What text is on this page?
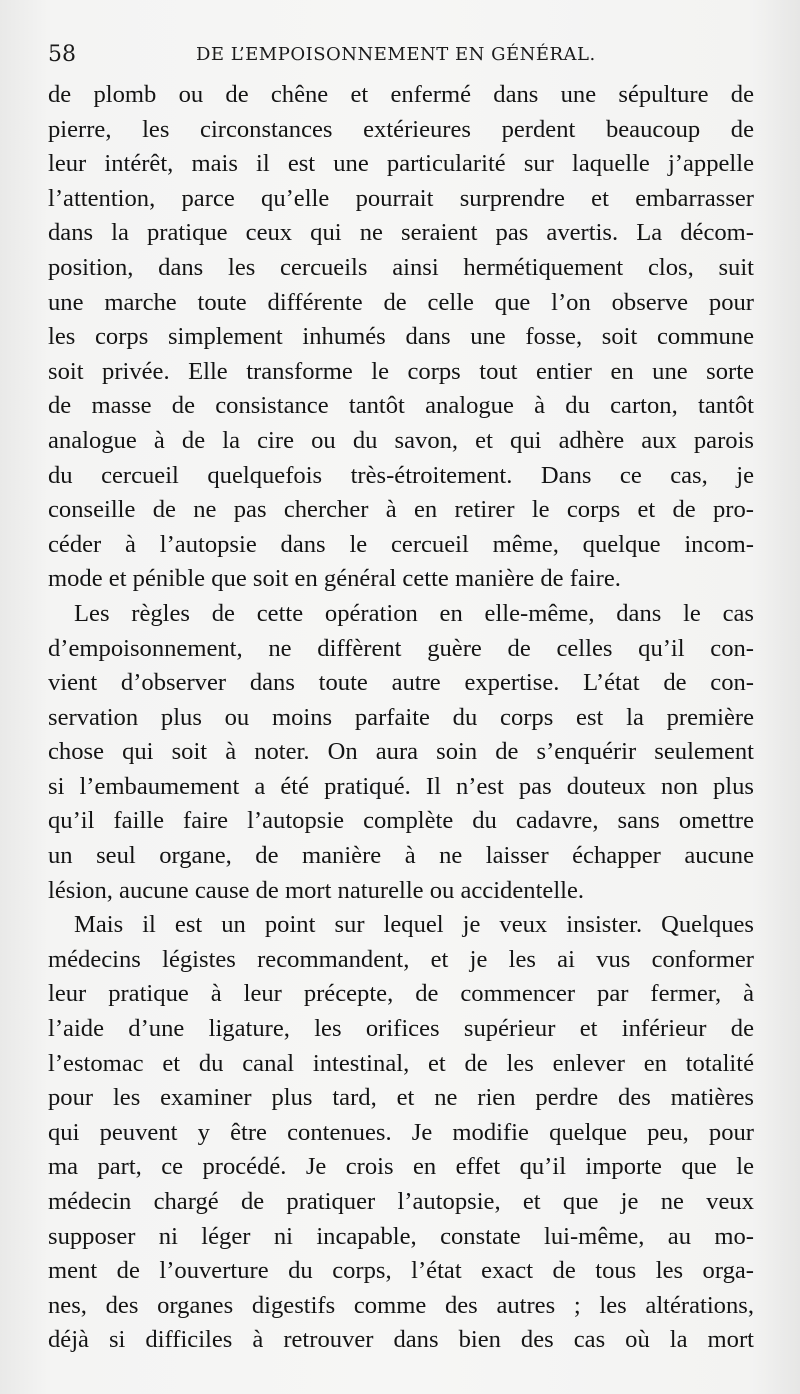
58	DE L’EMPOISONNEMENT EN GÉNÉRAL.
de plomb ou de chêne et enfermé dans une sépulture de
pierre, les circonstances extérieures perdent beaucoup de
leur intérêt, mais il est une particularité sur laquelle j’appelle
l’attention, parce qu’elle pourrait surprendre et embarrasser
dans la pratique ceux qui ne seraient pas avertis. La décom-
position, dans les cercueils ainsi hermétiquement clos, suit
une marche toute différente de celle que l’on observe pour
les corps simplement inhumés dans une fosse, soit commune
soit privée. Elle transforme le corps tout entier en une sorte
de masse de consistance tantôt analogue à du carton, tantôt
analogue à de la cire ou du savon, et qui adhère aux parois
du cercueil quelquefois très-étroitement. Dans ce cas, je
conseille de ne pas chercher à en retirer le corps et de pro-
céder à l’autopsie dans le cercueil même, quelque incom-
mode et pénible que soit en général cette manière de faire.
Les règles de cette opération en elle-même, dans le cas
d’empoisonnement, ne diffèrent guère de celles qu’il con-
vient d’observer dans toute autre expertise. L’état de con-
servation plus ou moins parfaite du corps est la première
chose qui soit à noter. On aura soin de s’enquérir seulement
si l’embaumement a été pratiqué. Il n’est pas douteux non plus
qu’il faille faire l’autopsie complète du cadavre, sans omettre
un seul organe, de manière à ne laisser échapper aucune
lésion, aucune cause de mort naturelle ou accidentelle.
Mais il est un point sur lequel je veux insister. Quelques
médecins légistes recommandent, et je les ai vus conformer
leur pratique à leur précepte, de commencer par fermer, à
l’aide d’une ligature, les orifices supérieur et inférieur de
l’estomac et du canal intestinal, et de les enlever en totalité
pour les examiner plus tard, et ne rien perdre des matières
qui peuvent y être contenues. Je modifie quelque peu, pour
ma part, ce procédé. Je crois en effet qu’il importe que le
médecin chargé de pratiquer l’autopsie, et que je ne veux
supposer ni léger ni incapable, constate lui-même, au mo-
ment de l’ouverture du corps, l’état exact de tous les orga-
nes, des organes digestifs comme des autres ; les altérations,
déjà si difficiles à retrouver dans bien des cas où la mort
